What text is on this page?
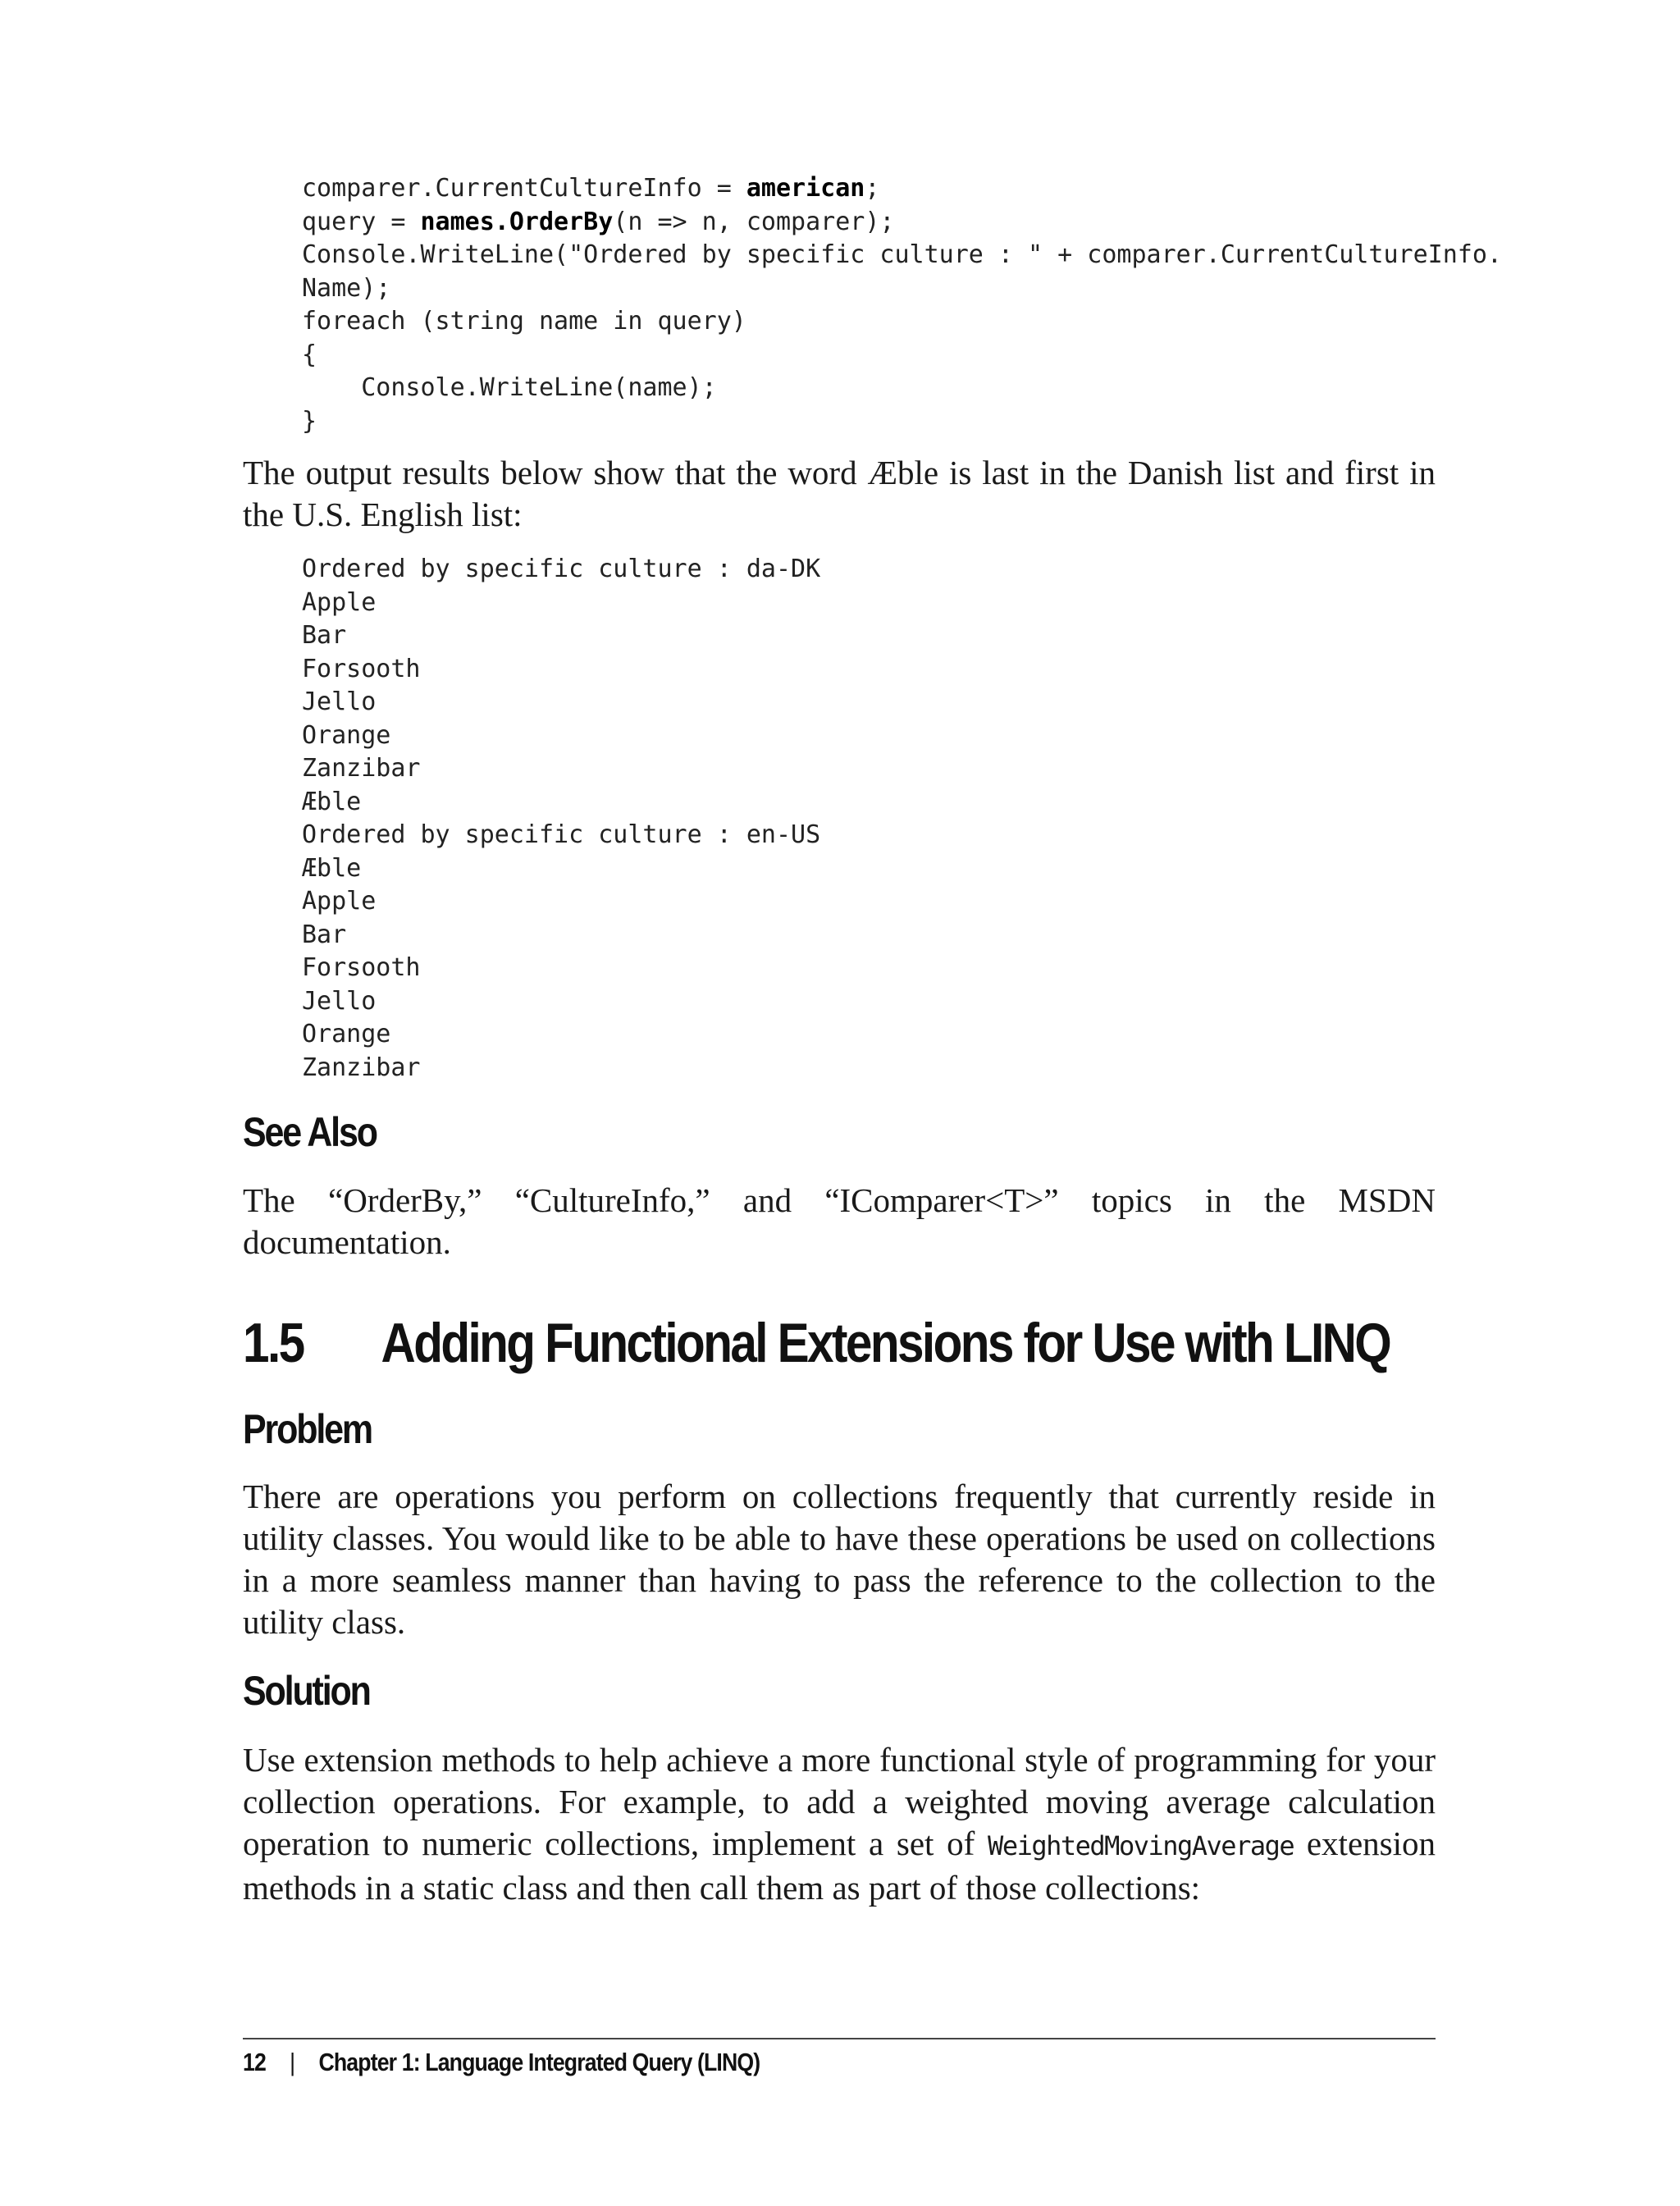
comparer.CurrentCultureInfo = american;
query = names.OrderBy(n => n, comparer);
Console.WriteLine("Ordered by specific culture : " + comparer.CurrentCultureInfo.
Name);
foreach (string name in query)
{
Console.WriteLine(name);
}

The output results below show that the word Æble is last in the Danish list and first in the U.S. English list:

Ordered by specific culture : da-DK
Apple
Bar
Forsooth
Jello
Orange
Zanzibar
Æble
Ordered by specific culture : en-US
Æble
Apple
Bar
Forsooth
Jello
Orange
Zanzibar
See Also

The “OrderBy,” “CultureInfo,” and “IComparer<T>” topics in the MSDN documentation.

1.5 Adding Functional Extensions for Use with LINQ
Problem

There are operations you perform on collections frequently that currently reside in utility classes. You would like to be able to have these operations be used on collections in a more seamless manner than having to pass the reference to the collection to the utility class.

Solution

Use extension methods to help achieve a more functional style of programming for your collection operations. For example, to add a weighted moving average calculation operation to numeric collections, implement a set of WeightedMovingAverage extension methods in a static class and then call them as part of those collections:

12 | Chapter 1: Language Integrated Query (LINQ)
